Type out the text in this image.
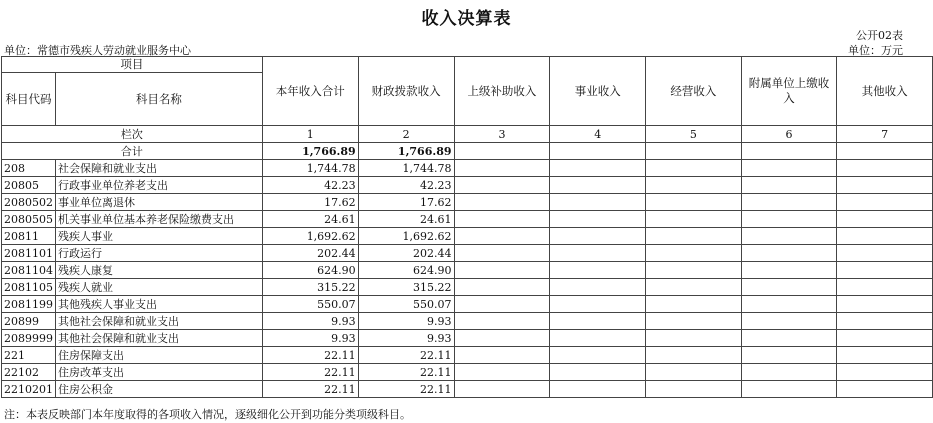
收入决算表
公开02表
单位：常德市残疾人劳动就业服务中心	单位：万元
项目		本年收入合计	财政拨款收入	上级补助收入	事业收入	经营收入	附属单位上缴收入	其他收入
科目代码	科目名称							
栏次		1	2	3	4	5	6	7
合计		1,766.89	1,766.89					
208	社会保障和就业支出	1,744.78	1,744.78					
20805	行政事业单位养老支出	42.23	42.23					
2080502	事业单位离退休	17.62	17.62					
2080505	机关事业单位基本养老保险缴费支出	24.61	24.61					
20811	残疾人事业	1,692.62	1,692.62					
2081101	行政运行	202.44	202.44					
2081104	残疾人康复	624.90	624.90					
2081105	残疾人就业	315.22	315.22					
2081199	其他残疾人事业支出	550.07	550.07					
20899	其他社会保障和就业支出	9.93	9.93					
2089999	其他社会保障和就业支出	9.93	9.93					
221	住房保障支出	22.11	22.11					
22102	住房改革支出	22.11	22.11					
2210201	住房公积金	22.11	22.11					
注：本表反映部门本年度取得的各项收入情况，逐级细化公开到功能分类项级科目。
